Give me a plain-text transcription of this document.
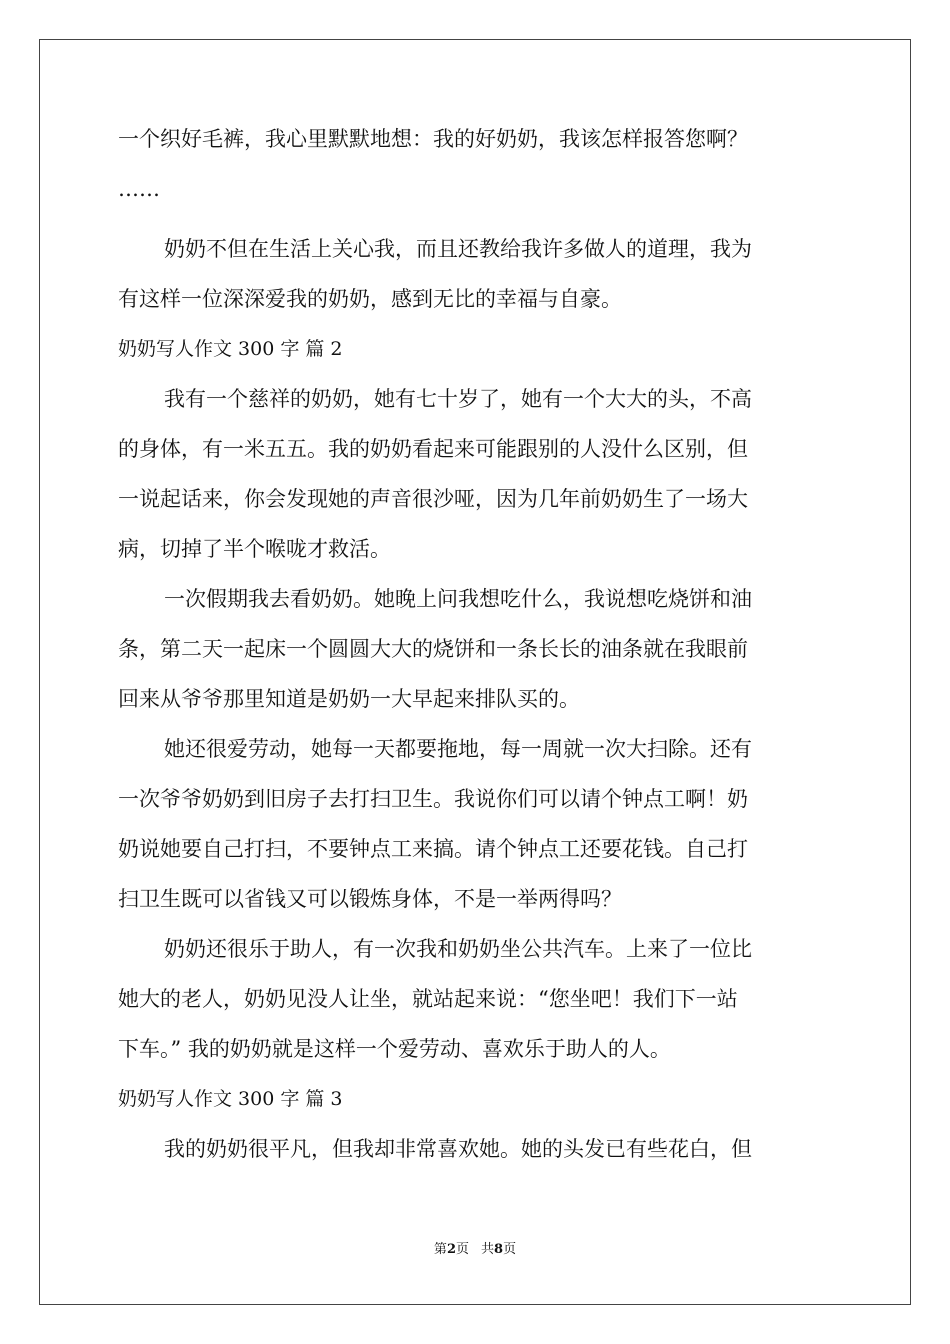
一个织好毛裤，我心里默默地想：我的好奶奶，我该怎样报答您啊？
……
奶奶不但在生活上关心我，而且还教给我许多做人的道理，我为
有这样一位深深爱我的奶奶，感到无比的幸福与自豪。
奶奶写人作文 300 字 篇 2
我有一个慈祥的奶奶，她有七十岁了，她有一个大大的头，不高
的身体，有一米五五。我的奶奶看起来可能跟别的人没什么区别，但
一说起话来，你会发现她的声音很沙哑，因为几年前奶奶生了一场大
病，切掉了半个喉咙才救活。
一次假期我去看奶奶。她晚上问我想吃什么，我说想吃烧饼和油
条，第二天一起床一个圆圆大大的烧饼和一条长长的油条就在我眼前
回来从爷爷那里知道是奶奶一大早起来排队买的。
她还很爱劳动，她每一天都要拖地，每一周就一次大扫除。还有
一次爷爷奶奶到旧房子去打扫卫生。我说你们可以请个钟点工啊！奶
奶说她要自己打扫，不要钟点工来搞。请个钟点工还要花钱。自己打
扫卫生既可以省钱又可以锻炼身体，不是一举两得吗？
奶奶还很乐于助人，有一次我和奶奶坐公共汽车。上来了一位比
她大的老人，奶奶见没人让坐，就站起来说：“您坐吧！我们下一站
下车。” 我的奶奶就是这样一个爱劳动、喜欢乐于助人的人。
奶奶写人作文 300 字 篇 3
我的奶奶很平凡，但我却非常喜欢她。她的头发已有些花白，但
第2页 共8页
